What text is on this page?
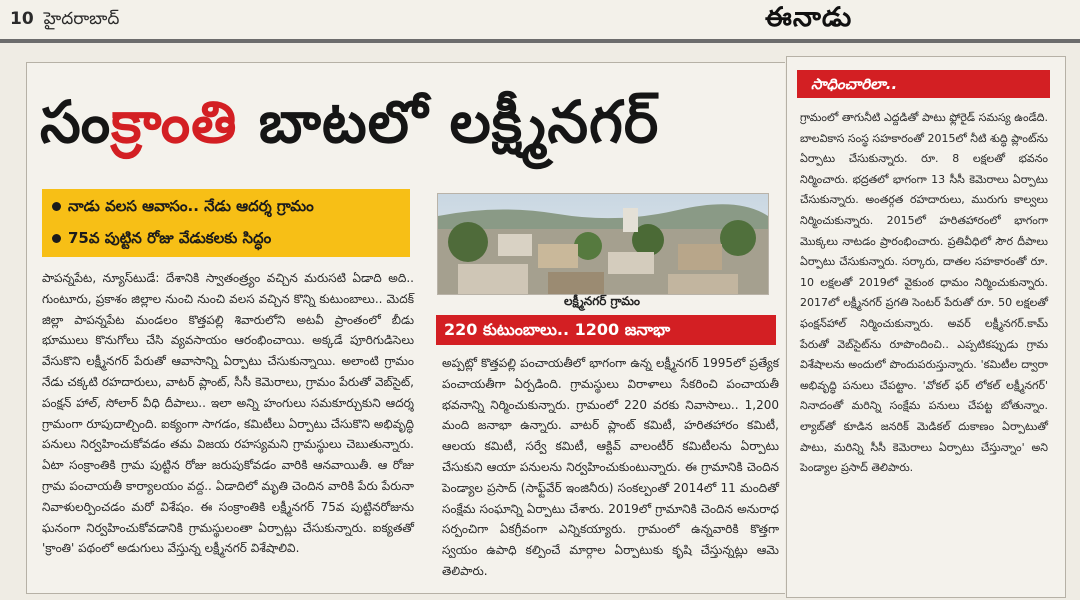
10 హైదరాబాద్	ఈనాడు
సంక్రాంతి బాటలో లక్ష్మీనగర్
నాడు వలస ఆవాసం.. నేడు ఆదర్శ గ్రామం
75వ పుట్టిన రోజు వేడుకలకు సిద్ధం

పాపన్నపేట, న్యూస్‌టుడే: దేశానికి స్వాతంత్ర్యం వచ్చిన మరుసటి ఏడాది అది.. గుంటూరు, ప్రకాశం జిల్లాల నుంచి నుంచి వలస వచ్చిన కొన్ని కుటుంబాలు.. మెదక్ జిల్లా పాపన్నపేట మండలం కొత్తపల్లి శివారులోని అటవీ ప్రాంతంలో బీడు భూములు కొనుగోలు చేసి వ్యవసాయం ఆరంభించాయి. అక్కడే పూరిగుడిసెలు వేసుకొని లక్ష్మీనగర్ పేరుతో ఆవాసాన్ని ఏర్పాటు చేసుకున్నాయి. అలాంటి గ్రామం నేడు చక్కటి రహదారులు, వాటర్ ప్లాంట్, సీసీ కెమెరాలు, గ్రామం పేరుతో వెబ్‌సైట్, పంక్షన్ హాల్, సోలార్ వీధి దీపాలు.. ఇలా అన్ని హంగులు సమకూర్చుకుని ఆదర్శ గ్రామంగా రూపుదాల్చింది. ఐక్యంగా సాగడం, కమిటీలు ఏర్పాటు చేసుకొని అభివృద్ధి పనులు నిర్వహించుకోవడం తమ విజయ రహస్యమని గ్రామస్థులు చెబుతున్నారు. ఏటా సంక్రాంతికి గ్రామ పుట్టిన రోజు జరుపుకోవడం వారికి ఆనవాయితీ. ఆ రోజు గ్రామ పంచాయతీ కార్యాలయం వద్ద.. ఏడాదిలో మృతి చెందిన వారికి పేరు పేరునా నివాళులర్పించడం మరో విశేషం. ఈ సంక్రాంతికి లక్ష్మీనగర్ 75వ పుట్టినరోజును ఘనంగా నిర్వహించుకోవడానికి గ్రామస్థులంతా ఏర్పాట్లు చేసుకున్నారు. ఐక్యతతో 'క్రాంతి' పథంలో అడుగులు వేస్తున్న లక్ష్మీనగర్ విశేషాలివి.

లక్ష్మీనగర్ గ్రామం
220 కుటుంబాలు.. 1200 జనాభా

అప్పట్లో కొత్తపల్లి పంచాయతీలో భాగంగా ఉన్న లక్ష్మీనగర్ 1995లో ప్రత్యేక పంచాయతీగా ఏర్పడింది. గ్రామస్థులు విరాళాలు సేకరించి పంచాయతీ భవనాన్ని నిర్మించుకున్నారు. గ్రామంలో 220 వరకు నివాసాలు.. 1,200 మంది జనాభా ఉన్నారు. వాటర్ ప్లాంట్ కమిటీ, హరితహారం కమిటీ, ఆలయ కమిటీ, సర్వే కమిటీ, ఆక్టివ్ వాలంటీర్ కమిటీలను ఏర్పాటు చేసుకుని ఆయా పనులను నిర్వహించుకుంటున్నారు. ఈ గ్రామానికి చెందిన పెండ్యాల ప్రసాద్ (సాఫ్ట్‌వేర్ ఇంజినీరు) సంకల్పంతో 2014లో 11 మందితో సంక్షేమ సంఘాన్ని ఏర్పాటు చేశారు. 2019లో గ్రామానికి చెందిన అనురాధ సర్పంచిగా ఏకగ్రీవంగా ఎన్నికయ్యారు. గ్రామంలో ఉన్నవారికి కొత్తగా స్వయం ఉపాధి కల్పించే మార్గాల ఏర్పాటుకు కృషి చేస్తున్నట్లు ఆమె తెలిపారు.

సాధించారిలా..

గ్రామంలో తాగునీటి ఎద్దడితో పాటు ఫ్లోరైడ్ సమస్య ఉండేది. బాలవికాస సంస్థ సహకారంతో 2015లో నీటి శుద్ధి ప్లాంట్‌ను ఏర్పాటు చేసుకున్నారు. రూ. 8 లక్షలతో భవనం నిర్మించారు. భద్రతలో భాగంగా 13 సీసీ కెమెరాలు ఏర్పాటు చేసుకున్నారు. అంతర్గత రహదారులు, మురుగు కాల్వలు నిర్మించుకున్నారు. 2015లో హరితహారంలో భాగంగా మొక్కలు నాటడం ప్రారంభించారు. ప్రతివీధిలో సౌర దీపాలు ఏర్పాటు చేసుకున్నారు. సర్కారు, దాతల సహకారంతో రూ. 10 లక్షలతో 2019లో వైకుంఠ ధామం నిర్మించుకున్నారు. 2017లో లక్ష్మీనగర్ ప్రగతి సెంటర్ పేరుతో రూ. 50 లక్షలతో ఫంక్షన్‌హాల్ నిర్మించుకున్నారు. అవర్ లక్ష్మీనగర్.కామ్ పేరుతో వెబ్‌సైట్‌ను రూపొందించి.. ఎప్పటికప్పుడు గ్రామ విశేషాలను అందులో పొందుపరుస్తున్నారు. 'కమిటీల ద్వారా అభివృద్ధి పనులు చేపట్టాం. 'వోకల్ ఫర్ లోకల్ లక్ష్మీనగర్' నినాదంతో మరిన్ని సంక్షేమ పనులు చేపట్ట బోతున్నాం. ల్యాబ్‌తో కూడిన జనరిక్ మెడికల్ దుకాణం ఏర్పాటుతో పాటు, మరిన్ని సీసీ కెమెరాలు ఏర్పాటు చేస్తున్నాం' అని పెండ్యాల ప్రసాద్ తెలిపారు.
